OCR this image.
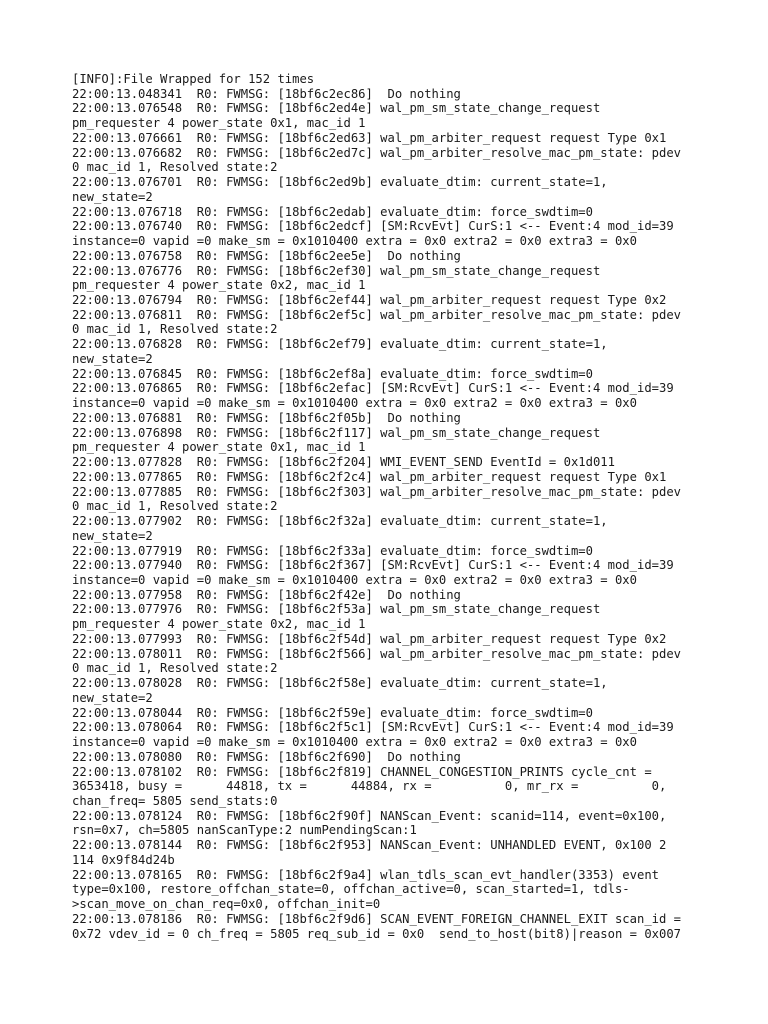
[INFO]:File Wrapped for 152 times
22:00:13.048341  R0: FWMSG: [18bf6c2ec86]  Do nothing
22:00:13.076548  R0: FWMSG: [18bf6c2ed4e] wal_pm_sm_state_change_request
pm_requester 4 power_state 0x1, mac_id 1
22:00:13.076661  R0: FWMSG: [18bf6c2ed63] wal_pm_arbiter_request request Type 0x1
22:00:13.076682  R0: FWMSG: [18bf6c2ed7c] wal_pm_arbiter_resolve_mac_pm_state: pdev
0 mac_id 1, Resolved state:2
22:00:13.076701  R0: FWMSG: [18bf6c2ed9b] evaluate_dtim: current_state=1,
new_state=2
22:00:13.076718  R0: FWMSG: [18bf6c2edab] evaluate_dtim: force_swdtim=0
22:00:13.076740  R0: FWMSG: [18bf6c2edcf] [SM:RcvEvt] CurS:1 <-- Event:4 mod_id=39
instance=0 vapid =0 make_sm = 0x1010400 extra = 0x0 extra2 = 0x0 extra3 = 0x0
22:00:13.076758  R0: FWMSG: [18bf6c2ee5e]  Do nothing
22:00:13.076776  R0: FWMSG: [18bf6c2ef30] wal_pm_sm_state_change_request
pm_requester 4 power_state 0x2, mac_id 1
22:00:13.076794  R0: FWMSG: [18bf6c2ef44] wal_pm_arbiter_request request Type 0x2
22:00:13.076811  R0: FWMSG: [18bf6c2ef5c] wal_pm_arbiter_resolve_mac_pm_state: pdev
0 mac_id 1, Resolved state:2
22:00:13.076828  R0: FWMSG: [18bf6c2ef79] evaluate_dtim: current_state=1,
new_state=2
22:00:13.076845  R0: FWMSG: [18bf6c2ef8a] evaluate_dtim: force_swdtim=0
22:00:13.076865  R0: FWMSG: [18bf6c2efac] [SM:RcvEvt] CurS:1 <-- Event:4 mod_id=39
instance=0 vapid =0 make_sm = 0x1010400 extra = 0x0 extra2 = 0x0 extra3 = 0x0
22:00:13.076881  R0: FWMSG: [18bf6c2f05b]  Do nothing
22:00:13.076898  R0: FWMSG: [18bf6c2f117] wal_pm_sm_state_change_request
pm_requester 4 power_state 0x1, mac_id 1
22:00:13.077828  R0: FWMSG: [18bf6c2f204] WMI_EVENT_SEND EventId = 0x1d011
22:00:13.077865  R0: FWMSG: [18bf6c2f2c4] wal_pm_arbiter_request request Type 0x1
22:00:13.077885  R0: FWMSG: [18bf6c2f303] wal_pm_arbiter_resolve_mac_pm_state: pdev
0 mac_id 1, Resolved state:2
22:00:13.077902  R0: FWMSG: [18bf6c2f32a] evaluate_dtim: current_state=1,
new_state=2
22:00:13.077919  R0: FWMSG: [18bf6c2f33a] evaluate_dtim: force_swdtim=0
22:00:13.077940  R0: FWMSG: [18bf6c2f367] [SM:RcvEvt] CurS:1 <-- Event:4 mod_id=39
instance=0 vapid =0 make_sm = 0x1010400 extra = 0x0 extra2 = 0x0 extra3 = 0x0
22:00:13.077958  R0: FWMSG: [18bf6c2f42e]  Do nothing
22:00:13.077976  R0: FWMSG: [18bf6c2f53a] wal_pm_sm_state_change_request
pm_requester 4 power_state 0x2, mac_id 1
22:00:13.077993  R0: FWMSG: [18bf6c2f54d] wal_pm_arbiter_request request Type 0x2
22:00:13.078011  R0: FWMSG: [18bf6c2f566] wal_pm_arbiter_resolve_mac_pm_state: pdev
0 mac_id 1, Resolved state:2
22:00:13.078028  R0: FWMSG: [18bf6c2f58e] evaluate_dtim: current_state=1,
new_state=2
22:00:13.078044  R0: FWMSG: [18bf6c2f59e] evaluate_dtim: force_swdtim=0
22:00:13.078064  R0: FWMSG: [18bf6c2f5c1] [SM:RcvEvt] CurS:1 <-- Event:4 mod_id=39
instance=0 vapid =0 make_sm = 0x1010400 extra = 0x0 extra2 = 0x0 extra3 = 0x0
22:00:13.078080  R0: FWMSG: [18bf6c2f690]  Do nothing
22:00:13.078102  R0: FWMSG: [18bf6c2f819] CHANNEL_CONGESTION_PRINTS cycle_cnt =
3653418, busy =      44818, tx =      44884, rx =          0, mr_rx =          0,
chan_freq= 5805 send_stats:0
22:00:13.078124  R0: FWMSG: [18bf6c2f90f] NANScan_Event: scanid=114, event=0x100,
rsn=0x7, ch=5805 nanScanType:2 numPendingScan:1
22:00:13.078144  R0: FWMSG: [18bf6c2f953] NANScan_Event: UNHANDLED EVENT, 0x100 2
114 0x9f84d24b
22:00:13.078165  R0: FWMSG: [18bf6c2f9a4] wlan_tdls_scan_evt_handler(3353) event
type=0x100, restore_offchan_state=0, offchan_active=0, scan_started=1, tdls-
>scan_move_on_chan_req=0x0, offchan_init=0
22:00:13.078186  R0: FWMSG: [18bf6c2f9d6] SCAN_EVENT_FOREIGN_CHANNEL_EXIT scan_id =
0x72 vdev_id = 0 ch_freq = 5805 req_sub_id = 0x0  send_to_host(bit8)|reason = 0x007
